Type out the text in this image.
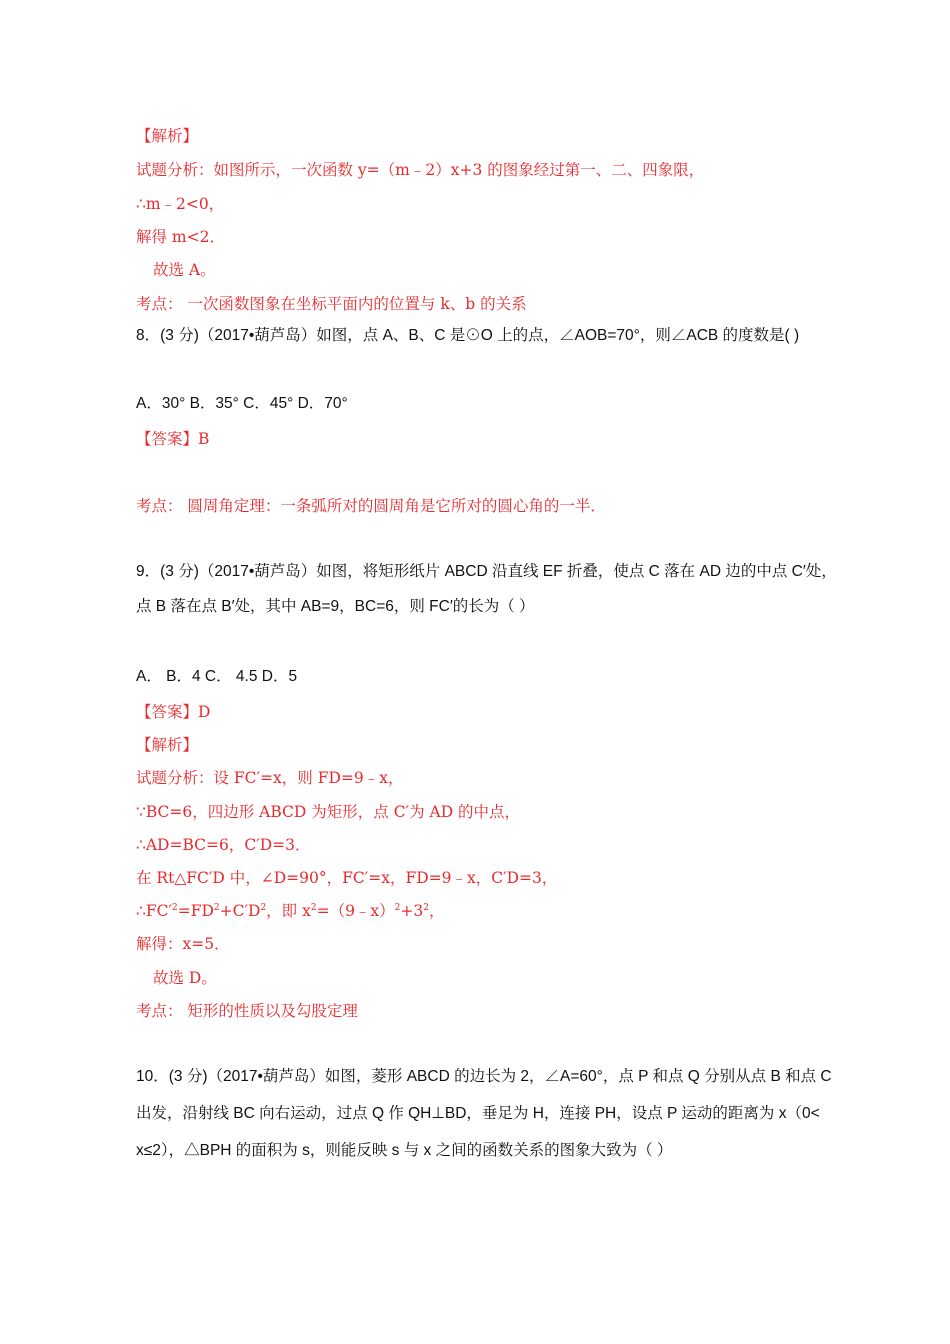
【解析】
试题分析：如图所示，一次函数 y=（m﹣2）x+3 的图象经过第一、二、四象限，
∴m﹣2<0，
解得 m<2．
故选 A。
考点： 一次函数图象在坐标平面内的位置与 k、b 的关系
8．(3 分)（2017•葫芦岛）如图，点 A、B、C 是⊙O 上的点，∠AOB=70°，则∠ACB 的度数是( )
A．30° B．35° C．45° D．70°
【答案】B
考点： 圆周角定理：一条弧所对的圆周角是它所对的圆心角的一半．
9．(3 分)（2017•葫芦岛）如图，将矩形纸片 ABCD 沿直线 EF 折叠，使点 C 落在 AD 边的中点 C′处，
点 B 落在点 B′处，其中 AB=9，BC=6，则 FC′的长为（ ）
A． B．4 C． 4.5 D．5
【答案】D
【解析】
试题分析：设 FC′=x，则 FD=9﹣x，
∵BC=6，四边形 ABCD 为矩形，点 C′为 AD 的中点，
∴AD=BC=6，C′D=3．
在 Rt△FC′D 中，∠D=90°，FC′=x，FD=9﹣x，C′D=3，
$\therefore FC'^2=FD^2+C'D^2$，即 $x^2=(9﹣x)^2+3^2$，
解得：x=5．
故选 D。
考点： 矩形的性质以及勾股定理
10．(3 分)（2017•葫芦岛）如图，菱形 ABCD 的边长为 2，∠A=60°，点 P 和点 Q 分别从点 B 和点 C
出发，沿射线 BC 向右运动，过点 Q 作 QH⊥BD，垂足为 H，连接 PH，设点 P 运动的距离为 x（0<
x≤2），△BPH 的面积为 s，则能反映 s 与 x 之间的函数关系的图象大致为（ ）
